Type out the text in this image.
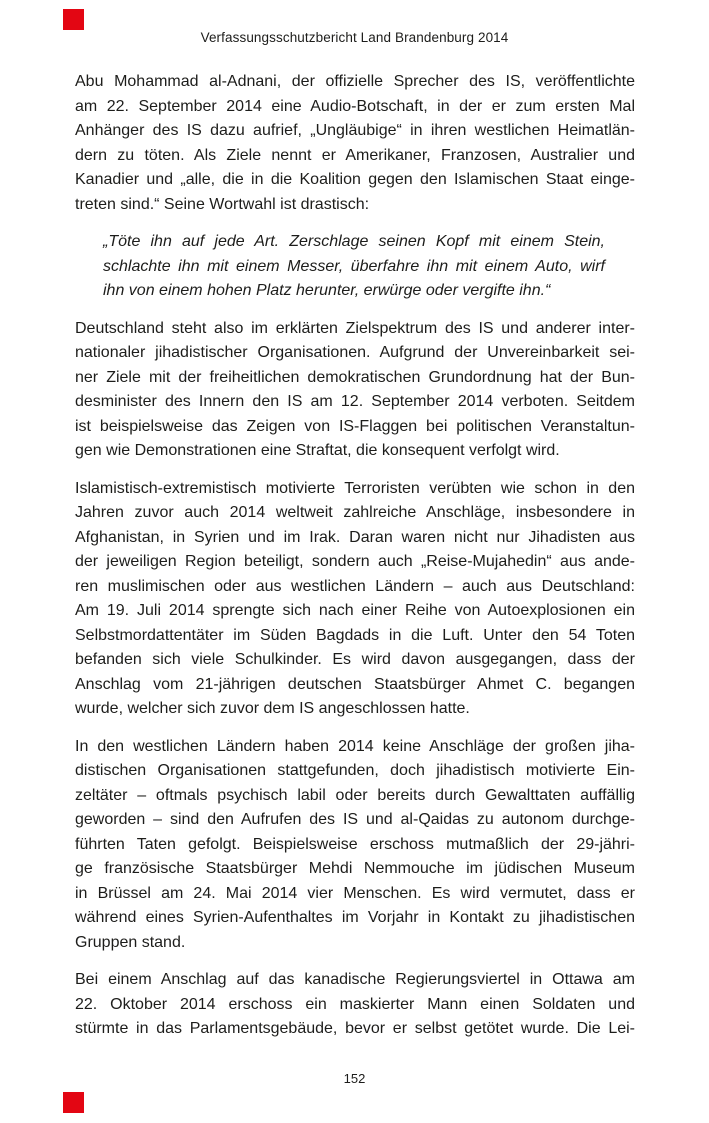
Verfassungsschutzbericht Land Brandenburg 2014
Abu Mohammad al-Adnani, der offizielle Sprecher des IS, veröffentlichte
am 22. September 2014 eine Audio-Botschaft, in der er zum ersten Mal
Anhänger des IS dazu aufrief, „Ungläubige“ in ihren westlichen Heimatlän-
dern zu töten. Als Ziele nennt er Amerikaner, Franzosen, Australier und
Kanadier und „alle, die in die Koalition gegen den Islamischen Staat einge-
treten sind.“ Seine Wortwahl ist drastisch:
„Töte ihn auf jede Art. Zerschlage seinen Kopf mit einem Stein,
schlachte ihn mit einem Messer, überfahre ihn mit einem Auto, wirf
ihn von einem hohen Platz herunter, erwürge oder vergifte ihn.“
Deutschland steht also im erklärten Zielspektrum des IS und anderer inter-
nationaler jihadistischer Organisationen. Aufgrund der Unvereinbarkeit sei-
ner Ziele mit der freiheitlichen demokratischen Grundordnung hat der Bun-
desminister des Innern den IS am 12. September 2014 verboten. Seitdem
ist beispielsweise das Zeigen von IS-Flaggen bei politischen Veranstaltun-
gen wie Demonstrationen eine Straftat, die konsequent verfolgt wird.
Islamistisch-extremistisch motivierte Terroristen verübten wie schon in den
Jahren zuvor auch 2014 weltweit zahlreiche Anschläge, insbesondere in
Afghanistan, in Syrien und im Irak. Daran waren nicht nur Jihadisten aus
der jeweiligen Region beteiligt, sondern auch „Reise-Mujahedin“ aus ande-
ren muslimischen oder aus westlichen Ländern – auch aus Deutschland:
Am 19. Juli 2014 sprengte sich nach einer Reihe von Autoexplosionen ein
Selbstmordattentäter im Süden Bagdads in die Luft. Unter den 54 Toten
befanden sich viele Schulkinder. Es wird davon ausgegangen, dass der
Anschlag vom 21-jährigen deutschen Staatsbürger Ahmet C. begangen
wurde, welcher sich zuvor dem IS angeschlossen hatte.
In den westlichen Ländern haben 2014 keine Anschläge der großen jiha-
distischen Organisationen stattgefunden, doch jihadistisch motivierte Ein-
zeltäter – oftmals psychisch labil oder bereits durch Gewalttaten auffällig
geworden – sind den Aufrufen des IS und al-Qaidas zu autonom durchge-
führten Taten gefolgt. Beispielsweise erschoss mutmaßlich der 29-jähri-
ge französische Staatsbürger Mehdi Nemmouche im jüdischen Museum
in Brüssel am 24. Mai 2014 vier Menschen. Es wird vermutet, dass er
während eines Syrien-Aufenthaltes im Vorjahr in Kontakt zu jihadistischen
Gruppen stand.
Bei einem Anschlag auf das kanadische Regierungsviertel in Ottawa am
22. Oktober 2014 erschoss ein maskierter Mann einen Soldaten und
stürmte in das Parlamentsgebäude, bevor er selbst getötet wurde. Die Lei-
152
